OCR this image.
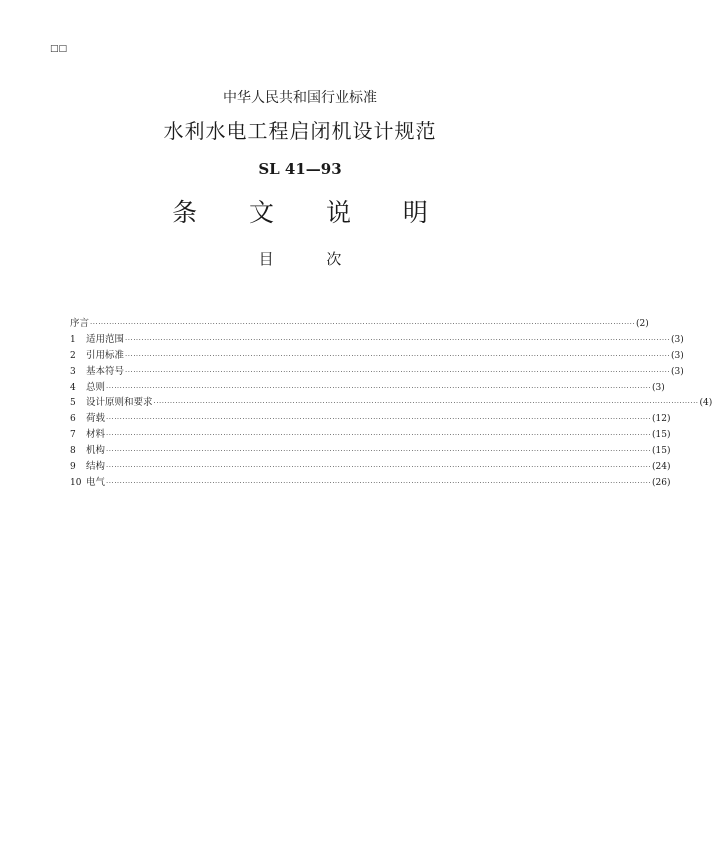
□□
中华人民共和国行业标准
水利水电工程启闭机设计规范
SL 41—93
条 文 说 明
目 次
序言 ········································································································································································································ (2)
1	适用范围 ········································································································································································································ (3)
2	引用标准 ········································································································································································································ (3)
3	基本符号 ········································································································································································································ (3)
4	总则 ········································································································································································································ (3)
5	设计原则和要求 ········································································································································································································ (4)
6	荷载 ········································································································································································································ (12)
7	材料 ········································································································································································································ (15)
8	机构 ········································································································································································································ (15)
9	结构 ········································································································································································································ (24)
10 电气 ········································································································································································································ (26)
